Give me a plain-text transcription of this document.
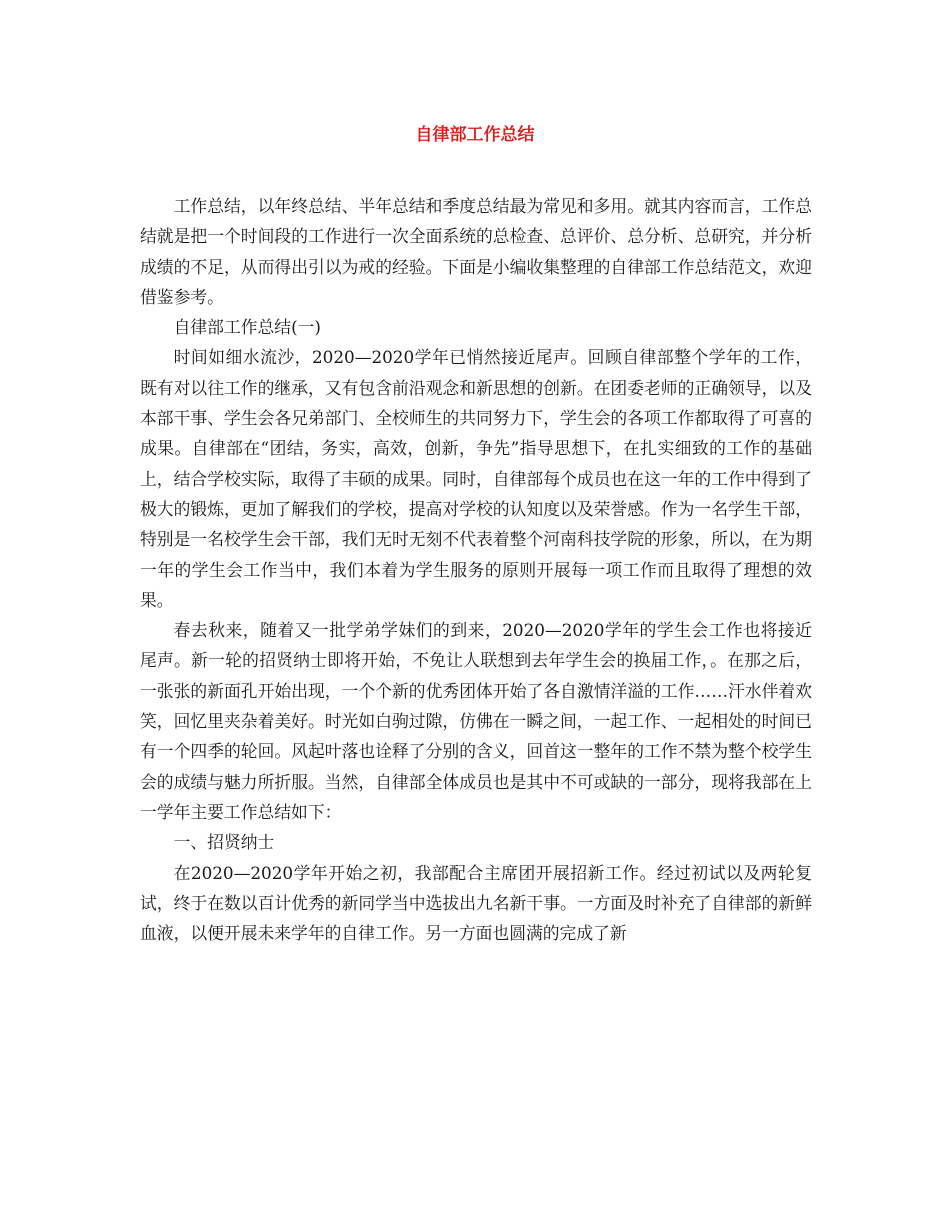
自律部工作总结

工作总结，以年终总结、半年总结和季度总结最为常见和多用。就其内容而言，工作总结就是把一个时间段的工作进行一次全面系统的总检查、总评价、总分析、总研究，并分析成绩的不足，从而得出引以为戒的经验。下面是小编收集整理的自律部工作总结范文，欢迎借鉴参考。

自律部工作总结(一)

时间如细水流沙，2020—2020学年已悄然接近尾声。回顾自律部整个学年的工作，既有对以往工作的继承，又有包含前沿观念和新思想的创新。在团委老师的正确领导，以及本部干事、学生会各兄弟部门、全校师生的共同努力下，学生会的各项工作都取得了可喜的成果。自律部在“团结，务实，高效，创新，争先”指导思想下，在扎实细致的工作的基础上，结合学校实际，取得了丰硕的成果。同时，自律部每个成员也在这一年的工作中得到了极大的锻炼，更加了解我们的学校，提高对学校的认知度以及荣誉感。作为一名学生干部，特别是一名校学生会干部，我们无时无刻不代表着整个河南科技学院的形象，所以，在为期一年的学生会工作当中，我们本着为学生服务的原则开展每一项工作而且取得了理想的效果。

春去秋来，随着又一批学弟学妹们的到来，2020—2020学年的学生会工作也将接近尾声。新一轮的招贤纳士即将开始，不免让人联想到去年学生会的换届工作，。在那之后，一张张的新面孔开始出现，一个个新的优秀团体开始了各自激情洋溢的工作……汗水伴着欢笑，回忆里夹杂着美好。时光如白驹过隙，仿佛在一瞬之间，一起工作、一起相处的时间已有一个四季的轮回。风起叶落也诠释了分别的含义，回首这一整年的工作不禁为整个校学生会的成绩与魅力所折服。当然，自律部全体成员也是其中不可或缺的一部分，现将我部在上一学年主要工作总结如下：

一、招贤纳士

在2020—2020学年开始之初，我部配合主席团开展招新工作。经过初试以及两轮复试，终于在数以百计优秀的新同学当中选拔出九名新干事。一方面及时补充了自律部的新鲜血液，以便开展未来学年的自律工作。另一方面也圆满的完成了新
